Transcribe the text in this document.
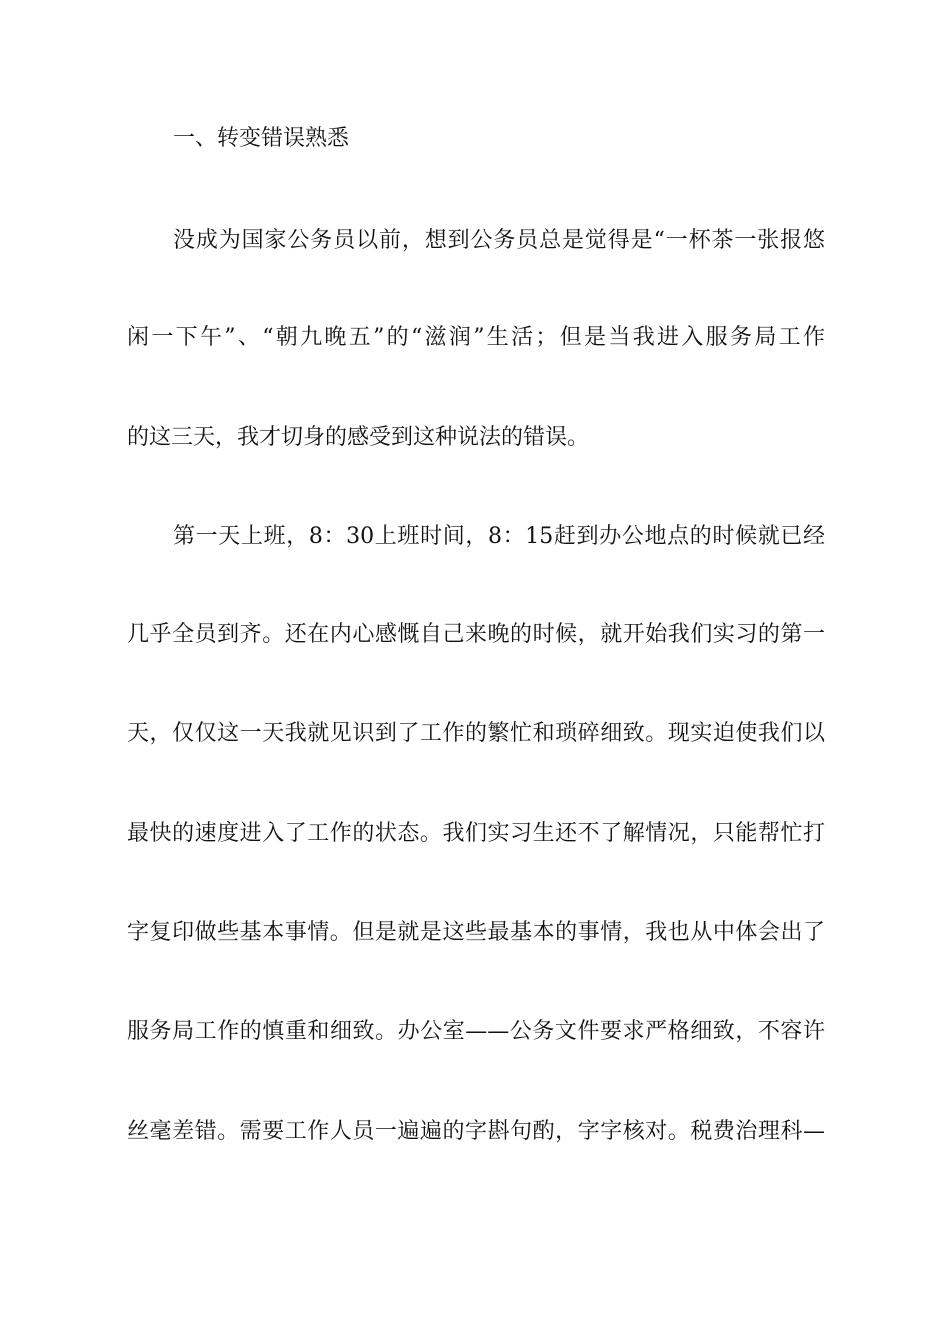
一、转变错误熟悉
没成为国家公务员以前，想到公务员总是觉得是“一杯茶一张报悠
闲一下午”、“朝九晚五”的“滋润”生活；但是当我进入服务局工作
的这三天，我才切身的感受到这种说法的错误。
第一天上班，8：30上班时间，8：15赶到办公地点的时候就已经
几乎全员到齐。还在内心感慨自己来晚的时候，就开始我们实习的第一
天，仅仅这一天我就见识到了工作的繁忙和琐碎细致。现实迫使我们以
最快的速度进入了工作的状态。我们实习生还不了解情况，只能帮忙打
字复印做些基本事情。但是就是这些最基本的事情，我也从中体会出了
服务局工作的慎重和细致。办公室——公务文件要求严格细致，不容许
丝毫差错。需要工作人员一遍遍的字斟句酌，字字核对。税费治理科—
